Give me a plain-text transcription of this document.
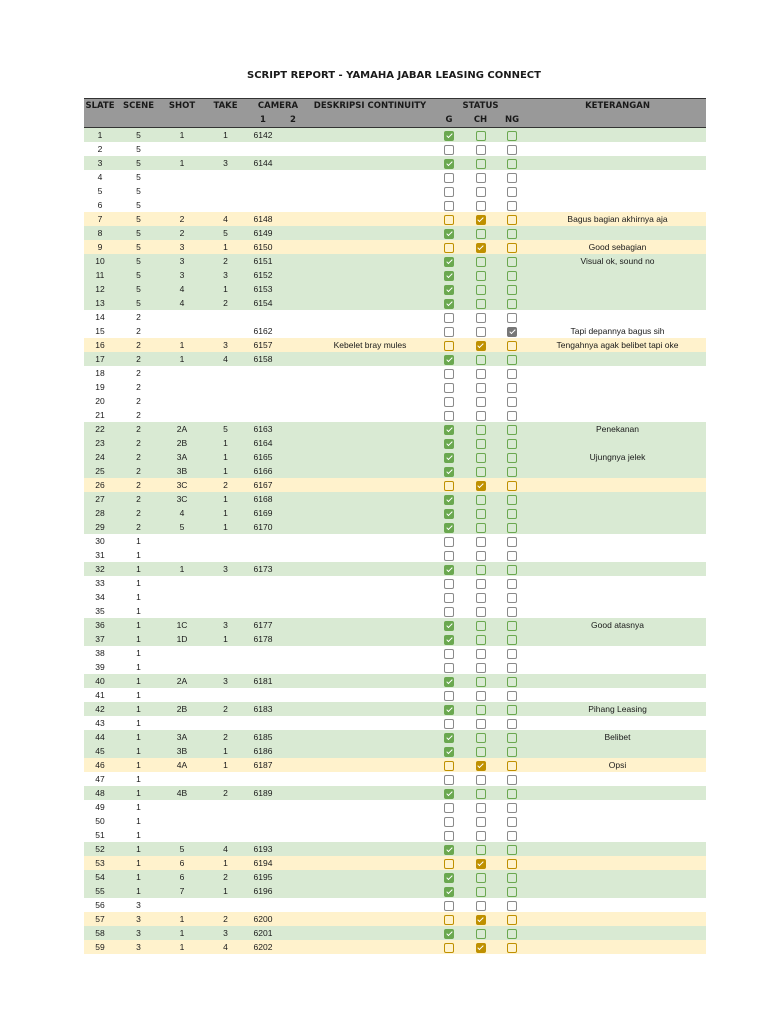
SCRIPT REPORT - YAMAHA JABAR LEASING CONNECT
SLATE	SCENE	SHOT	TAKE	CAMERA		DESKRIPSI CONTINUITY	STATUS			KETERANGAN
				1	2		G	CH	NG	
1	5	1	1	6142						
2	5									
3	5	1	3	6144						
4	5									
5	5									
6	5									
7	5	2	4	6148						Bagus bagian akhirnya aja
8	5	2	5	6149						
9	5	3	1	6150						Good sebagian
10	5	3	2	6151						Visual ok, sound no
11	5	3	3	6152						
12	5	4	1	6153						
13	5	4	2	6154						
14	2									
15	2			6162						Tapi depannya bagus sih
16	2	1	3	6157		Kebelet bray mules				Tengahnya agak belibet tapi oke
17	2	1	4	6158						
18	2									
19	2									
20	2									
21	2									
22	2	2A	5	6163						Penekanan
23	2	2B	1	6164						
24	2	3A	1	6165						Ujungnya jelek
25	2	3B	1	6166						
26	2	3C	2	6167						
27	2	3C	1	6168						
28	2	4	1	6169						
29	2	5	1	6170						
30	1									
31	1									
32	1	1	3	6173						
33	1									
34	1									
35	1									
36	1	1C	3	6177						Good atasnya
37	1	1D	1	6178						
38	1									
39	1									
40	1	2A	3	6181						
41	1									
42	1	2B	2	6183						Pihang Leasing
43	1									
44	1	3A	2	6185						Belibet
45	1	3B	1	6186						
46	1	4A	1	6187						Opsi
47	1									
48	1	4B	2	6189						
49	1									
50	1									
51	1									
52	1	5	4	6193						
53	1	6	1	6194						
54	1	6	2	6195						
55	1	7	1	6196						
56	3									
57	3	1	2	6200						
58	3	1	3	6201						
59	3	1	4	6202						
